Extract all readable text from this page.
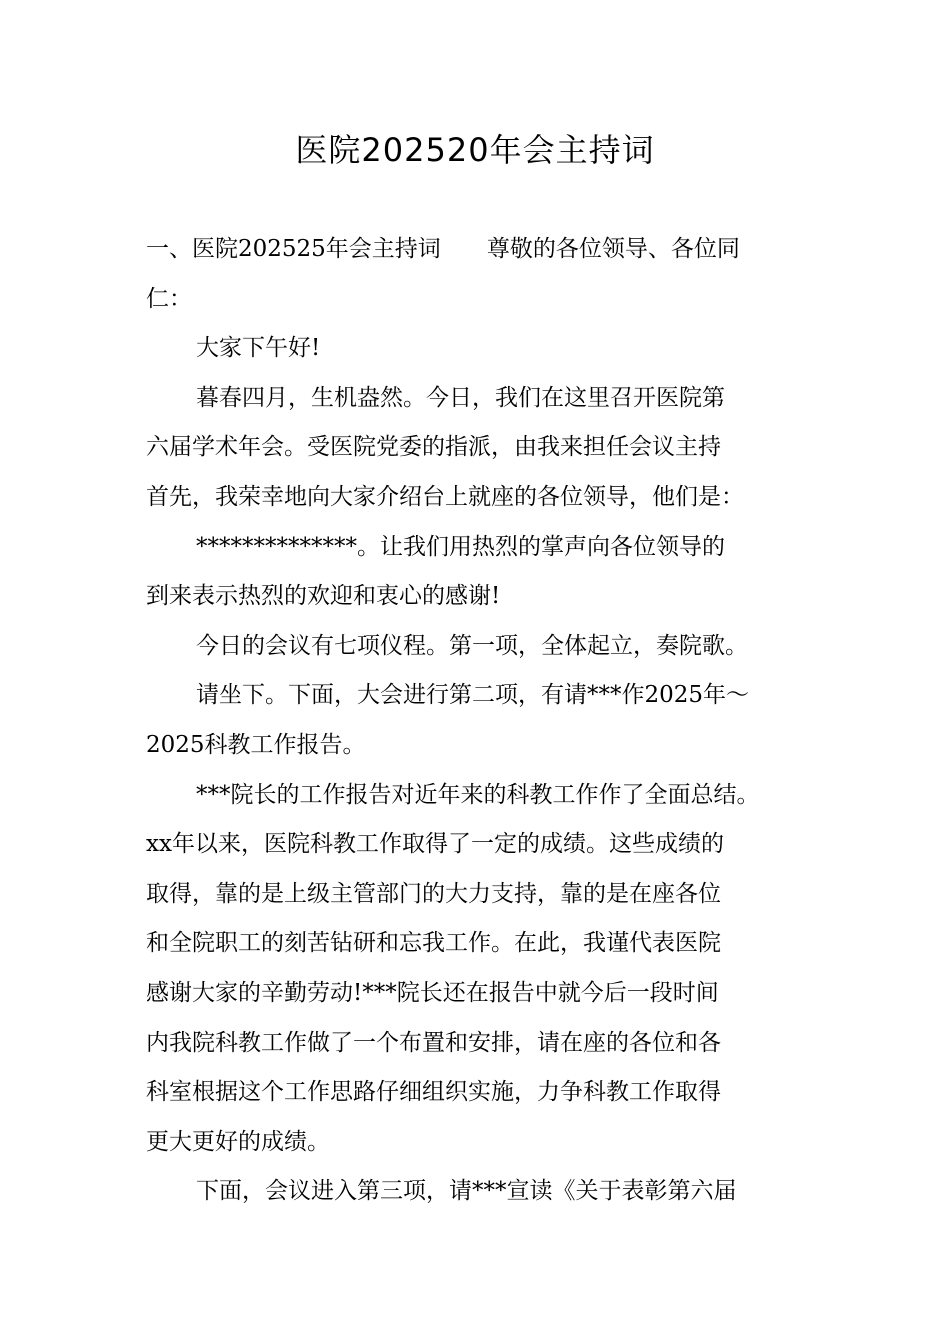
医院202520年会主持词
一、医院202525年会主持词 尊敬的各位领导、各位同
仁：
大家下午好!
暮春四月，生机盎然。今日，我们在这里召开医院第
六届学术年会。受医院党委的指派，由我来担任会议主持
首先，我荣幸地向大家介绍台上就座的各位领导，他们是：
**************。让我们用热烈的掌声向各位领导的
到来表示热烈的欢迎和衷心的感谢!
今日的会议有七项仪程。第一项，全体起立，奏院歌。
请坐下。下面，大会进行第二项，有请***作2025年～
2025科教工作报告。
***院长的工作报告对近年来的科教工作作了全面总结。
xx年以来，医院科教工作取得了一定的成绩。这些成绩的
取得，靠的是上级主管部门的大力支持，靠的是在座各位
和全院职工的刻苦钻研和忘我工作。在此，我谨代表医院
感谢大家的辛勤劳动!***院长还在报告中就今后一段时间
内我院科教工作做了一个布置和安排，请在座的各位和各
科室根据这个工作思路仔细组织实施，力争科教工作取得
更大更好的成绩。
下面，会议进入第三项，请***宣读《关于表彰第六届
